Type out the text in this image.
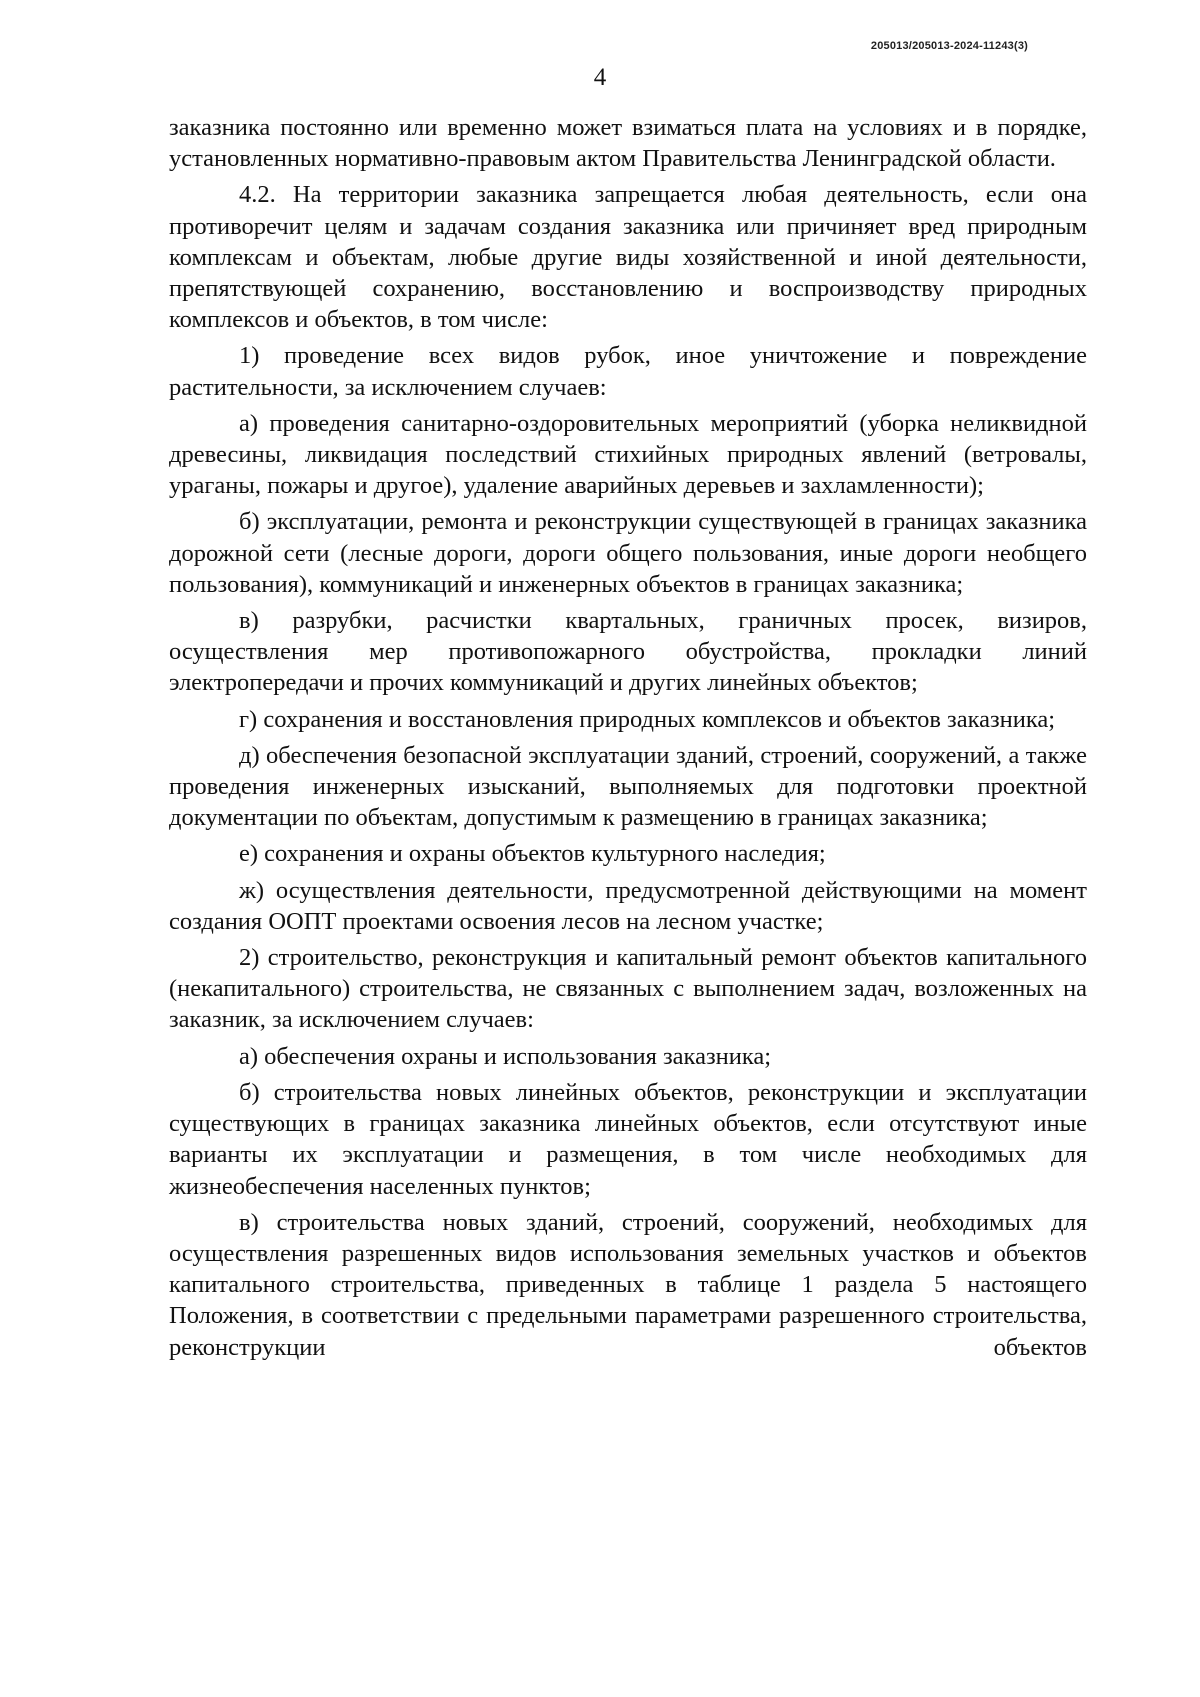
205013/205013-2024-11243(3)
4

заказника постоянно или временно может взиматься плата на условиях и в порядке, установленных нормативно-правовым актом Правительства Ленинградской области.

4.2. На территории заказника запрещается любая деятельность, если она противоречит целям и задачам создания заказника или причиняет вред природным комплексам и объектам, любые другие виды хозяйственной и иной деятельности, препятствующей сохранению, восстановлению и воспроизводству природных комплексов и объектов, в том числе:

1) проведение всех видов рубок, иное уничтожение и повреждение растительности, за исключением случаев:

а) проведения санитарно-оздоровительных мероприятий (уборка неликвидной древесины, ликвидация последствий стихийных природных явлений (ветровалы, ураганы, пожары и другое), удаление аварийных деревьев и захламленности);

б) эксплуатации, ремонта и реконструкции существующей в границах заказника дорожной сети (лесные дороги, дороги общего пользования, иные дороги необщего пользования), коммуникаций и инженерных объектов в границах заказника;

в) разрубки, расчистки квартальных, граничных просек, визиров, осуществления мер противопожарного обустройства, прокладки линий электропередачи и прочих коммуникаций и других линейных объектов;

г) сохранения и восстановления природных комплексов и объектов заказника;

д) обеспечения безопасной эксплуатации зданий, строений, сооружений, а также проведения инженерных изысканий, выполняемых для подготовки проектной документации по объектам, допустимым к размещению в границах заказника;

е) сохранения и охраны объектов культурного наследия;

ж) осуществления деятельности, предусмотренной действующими на момент создания ООПТ проектами освоения лесов на лесном участке;

2) строительство, реконструкция и капитальный ремонт объектов капитального (некапитального) строительства, не связанных с выполнением задач, возложенных на заказник, за исключением случаев:

а) обеспечения охраны и использования заказника;

б) строительства новых линейных объектов, реконструкции и эксплуатации существующих в границах заказника линейных объектов, если отсутствуют иные варианты их эксплуатации и размещения, в том числе необходимых для жизнеобеспечения населенных пунктов;

в) строительства новых зданий, строений, сооружений, необходимых для осуществления разрешенных видов использования земельных участков и объектов капитального строительства, приведенных в таблице 1 раздела 5 настоящего Положения, в соответствии с предельными параметрами разрешенного строительства, реконструкции объектов
